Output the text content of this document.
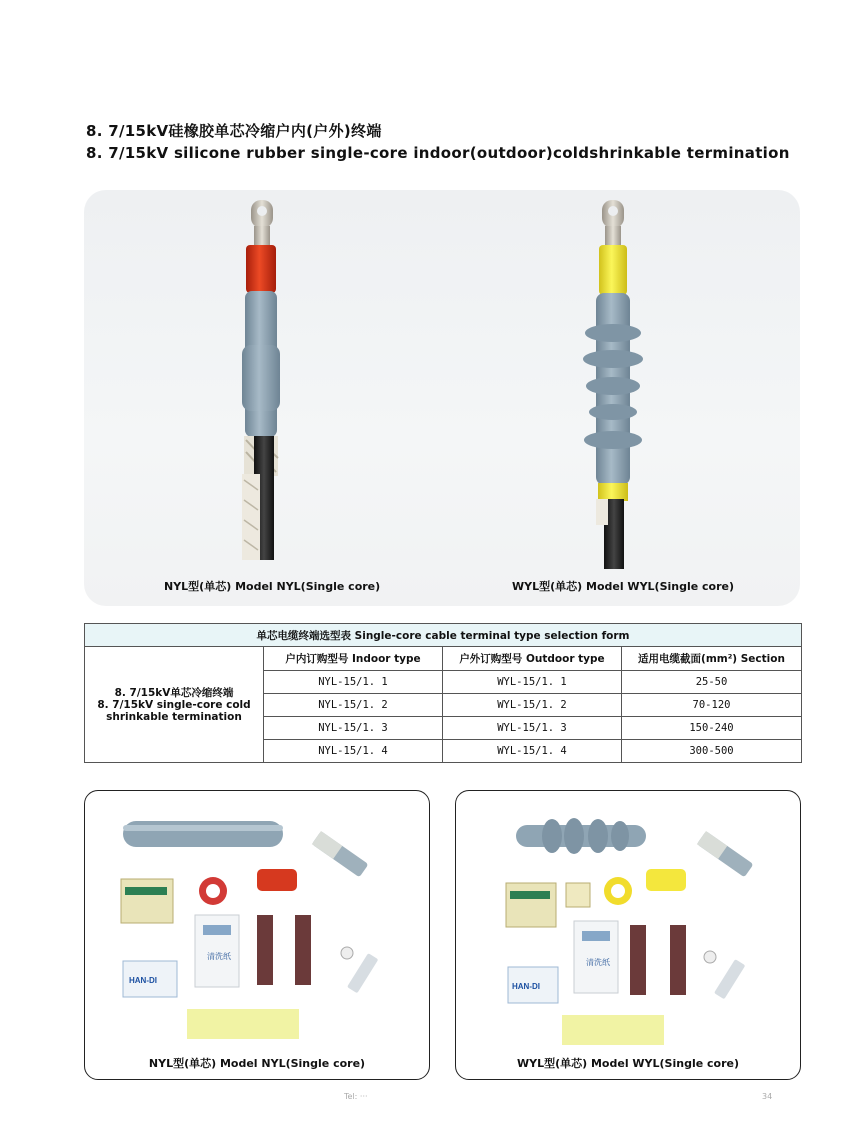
8. 7/15kV硅橡胶单芯冷缩户内(户外)终端
8. 7/15kV silicone rubber single-core indoor(outdoor)coldshrinkable termination
NYL型(单芯) Model NYL(Single core)	WYL型(单芯) Model WYL(Single core)
单芯电缆终端选型表 Single-core cable terminal type selection form			

8. 7/15kV单芯冷缩终端
8. 7/15kV single-core cold
shrinkable termination	户内订购型号 Indoor type	户外订购型号 Outdoor type	适用电缆截面(mm²) Section
	NYL-15/1. 1	WYL-15/1. 1	25-50
	NYL-15/1. 2	WYL-15/1. 2	70-120
	NYL-15/1. 3	WYL-15/1. 3	150-240
	NYL-15/1. 4	WYL-15/1. 4	300-500
HAN-DI
清洗纸
NYL型(单芯) Model NYL(Single core)
HAN-DI
清洗纸
WYL型(单芯) Model WYL(Single core)
Tel: ···	34
